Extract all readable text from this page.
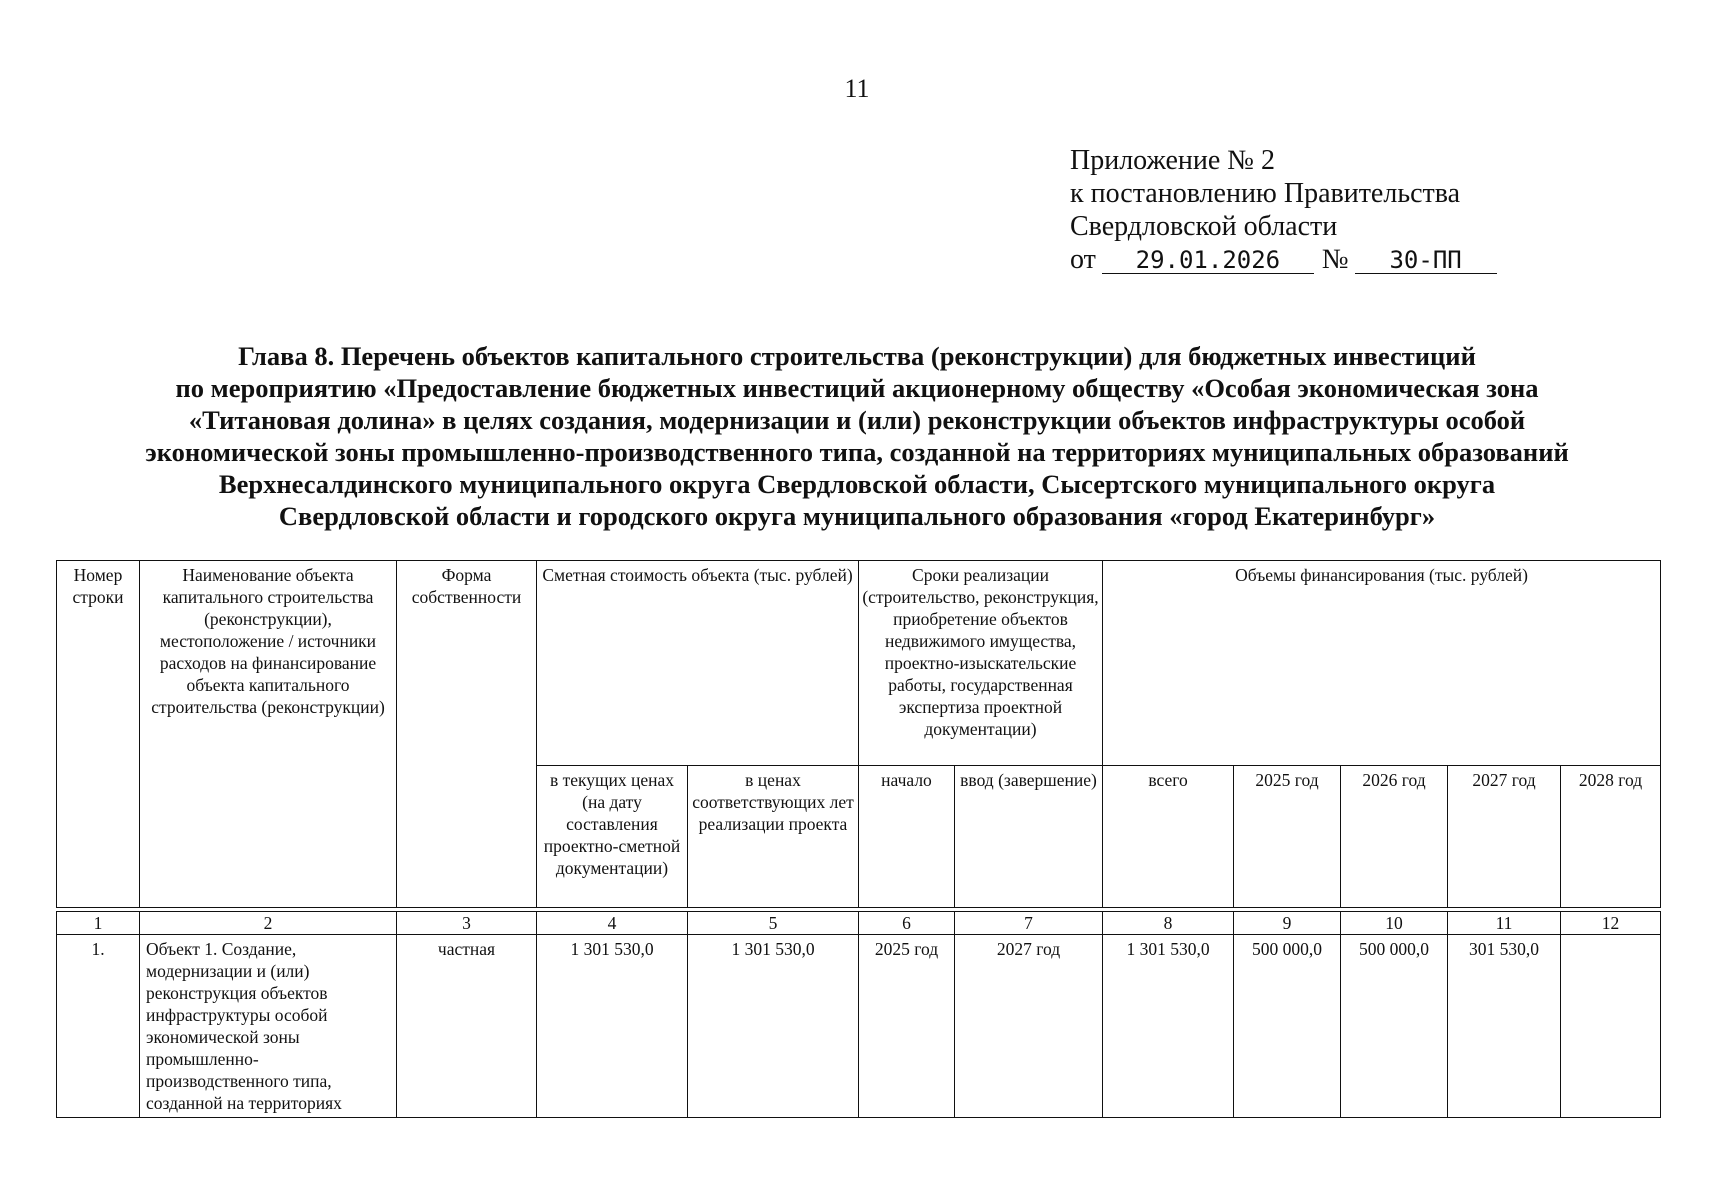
11
Приложение № 2
к постановлению Правительства
Свердловской области
от 29.01.2026 № 30-ПП
Глава 8. Перечень объектов капитального строительства (реконструкции) для бюджетных инвестиций
по мероприятию «Предоставление бюджетных инвестиций акционерному обществу «Особая экономическая зона
«Титановая долина» в целях создания, модернизации и (или) реконструкции объектов инфраструктуры особой
экономической зоны промышленно-производственного типа, созданной на территориях муниципальных образований
Верхнесалдинского муниципального округа Свердловской области, Сысертского муниципального округа
Свердловской области и городского округа муниципального образования «город Екатеринбург»
Номер строки	Наименование объекта капитального строительства (реконструкции), местоположение / источники расходов на финансирование объекта капитального строительства (реконструкции)	Форма собственности	Сметная стоимость объекта (тыс. рублей)		Сроки реализации (строительство, реконструкция, приобретение объектов недвижимого имущества, проектно-изыскательские работы, государственная экспертиза проектной документации)		Объемы финансирования (тыс. рублей)				
			в текущих ценах (на дату составления проектно-сметной документации)	в ценах соответствующих лет реализации проекта	начало	ввод (завершение)	всего	2025 год	2026 год	2027 год	2028 год

1	2	3	4	5	6	7	8	9	10	11	12
1.	Объект 1. Создание, модернизации и (или) реконструкция объектов инфраструктуры особой экономической зоны промышленно-производственного типа, созданной на территориях	частная	1 301 530,0	1 301 530,0	2025 год	2027 год	1 301 530,0	500 000,0	500 000,0	301 530,0	
